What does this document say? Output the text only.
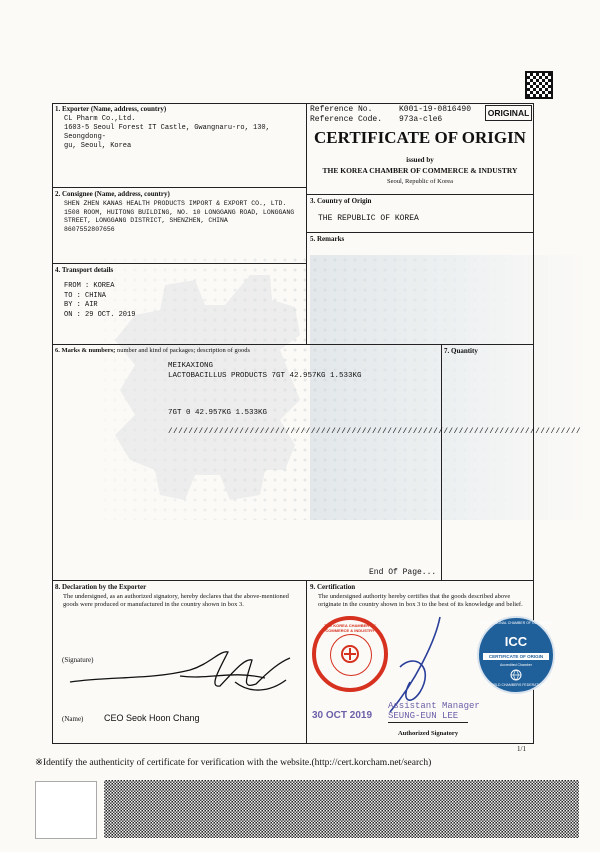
1. Exporter (Name, address, country)
CL Pharm Co.,Ltd.
1603-5 Seoul Forest IT Castle, Gwangnaru-ro, 130, Seongdong-
gu, Seoul, Korea
Reference No.	K001-19-0816490
Reference Code. 973a-cle6
ORIGINAL
CERTIFICATE OF ORIGIN
issued by
THE KOREA CHAMBER OF COMMERCE & INDUSTRY
Seoul, Republic of Korea
2. Consignee (Name, address, country)
SHEN ZHEN KANAS HEALTH PRODUCTS IMPORT & EXPORT CO., LTD.
1508 ROOM, HUITONG BUILDING, NO. 10 LONGGANG ROAD, LONGGANG
STREET, LONGGANG DISTRICT, SHENZHEN, CHINA
8607552807656
3. Country of Origin
THE REPUBLIC OF KOREA
5. Remarks
4. Transport details
FROM : KOREA
TO : CHINA
BY : AIR
ON : 29 OCT. 2019
6. Marks & numbers; number and kind of packages; description of goods
MEIKAXIONG
LACTOBACILLUS PRODUCTS 7GT 42.957KG 1.533KG
7GT 0 42.957KG 1.533KG
/////////////////////////////////////////////////////////////////////////////////
End Of Page...
7. Quantity
8. Declaration by the Exporter
The undersigned, as an authorized signatory, hereby declares that the above-mentioned goods were produced or manufactured in the country shown in box 3.
(Signature)
(Name) CEO Seok Hoon Chang
9. Certification
The undersigned authority hereby certifies that the goods described above originate in the country shown in box 3 to the best of its knowledge and belief.
THE KOREA CHAMBER OF COMMERCE & INDUSTRY
30 OCT 2019
Assistant Manager
SEUNG-EUN LEE
Authorized Signatory
INTERNATIONAL CHAMBER OF COMMERCE
ICC
CERTIFICATE OF ORIGIN
Accredited Chamber
WORLD CHAMBERS FEDERATION
1/1
※Identify the authenticity of certificate for verification with the website.(http://cert.korcham.net/search)
